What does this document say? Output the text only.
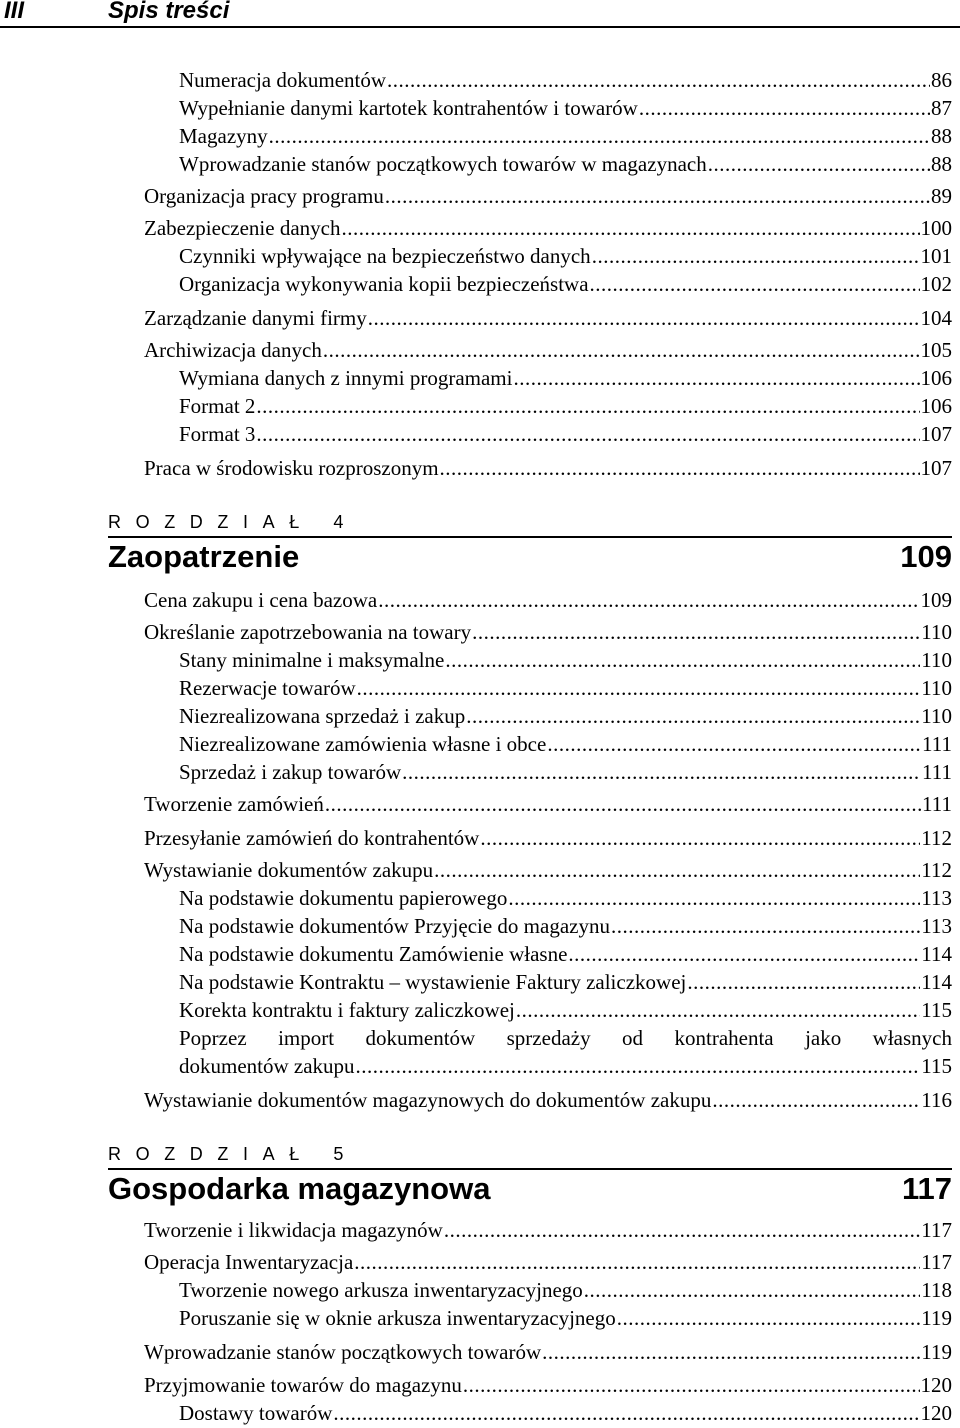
III	Spis treści
Numeracja dokumentów .....	86
Wypełnianie danymi kartotek kontrahentów i towarów .....	87
Magazyny .....	88
Wprowadzanie stanów początkowych towarów w magazynach .....	88
Organizacja pracy programu .....	89
Zabezpieczenie danych .....	100
Czynniki wpływające na bezpieczeństwo danych .....	101
Organizacja wykonywania kopii bezpieczeństwa .....	102
Zarządzanie danymi firmy .....	104
Archiwizacja danych .....	105
Wymiana danych z innymi programami .....	106
Format 2 .....	106
Format 3 .....	107
Praca w środowisku rozproszonym .....	107
ROZDZIAŁ 4
Zaopatrzenie	109
Cena zakupu i cena bazowa .....	109
Określanie zapotrzebowania na towary .....	110
Stany minimalne i maksymalne .....	110
Rezerwacje towarów .....	110
Niezrealizowana sprzedaż i zakup .....	110
Niezrealizowane zamówienia własne i obce .....	111
Sprzedaż i zakup towarów .....	111
Tworzenie zamówień .....	111
Przesyłanie zamówień do kontrahentów .....	112
Wystawianie dokumentów zakupu .....	112
Na podstawie dokumentu papierowego .....	113
Na podstawie dokumentów Przyjęcie do magazynu .....	113
Na podstawie dokumentu Zamówienie własne .....	114
Na podstawie Kontraktu – wystawienie Faktury zaliczkowej .....	114
Korekta kontraktu i faktury zaliczkowej .....	115
Poprzez import dokumentów sprzedaży od kontrahenta jako własnych
dokumentów zakupu .....	115
Wystawianie dokumentów magazynowych do dokumentów zakupu .....	116
ROZDZIAŁ 5
Gospodarka magazynowa	117
Tworzenie i likwidacja magazynów .....	117
Operacja Inwentaryzacja .....	117
Tworzenie nowego arkusza inwentaryzacyjnego .....	118
Poruszanie się w oknie arkusza inwentaryzacyjnego .....	119
Wprowadzanie stanów początkowych towarów .....	119
Przyjmowanie towarów do magazynu .....	120
Dostawy towarów .....	120
